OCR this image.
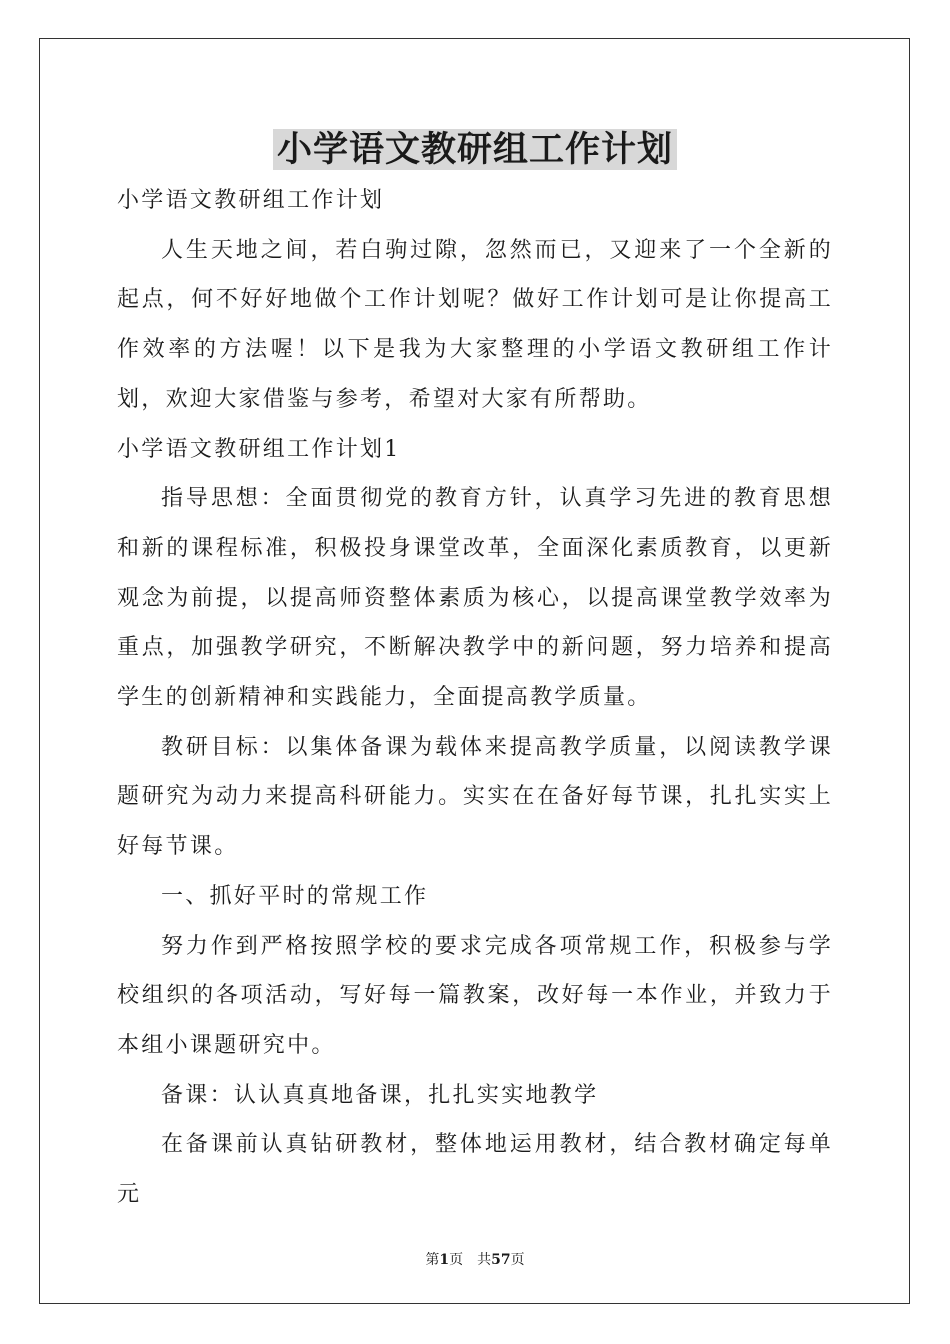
小学语文教研组工作计划

小学语文教研组工作计划

人生天地之间，若白驹过隙，忽然而已，又迎来了一个全新的起点，何不好好地做个工作计划呢？做好工作计划可是让你提高工作效率的方法喔！以下是我为大家整理的小学语文教研组工作计划，欢迎大家借鉴与参考，希望对大家有所帮助。

小学语文教研组工作计划1

指导思想：全面贯彻党的教育方针，认真学习先进的教育思想和新的课程标准，积极投身课堂改革，全面深化素质教育，以更新观念为前提，以提高师资整体素质为核心，以提高课堂教学效率为重点，加强教学研究，不断解决教学中的新问题，努力培养和提高学生的创新精神和实践能力，全面提高教学质量。

教研目标：以集体备课为载体来提高教学质量，以阅读教学课题研究为动力来提高科研能力。实实在在备好每节课，扎扎实实上好每节课。

一、抓好平时的常规工作

努力作到严格按照学校的要求完成各项常规工作，积极参与学校组织的各项活动，写好每一篇教案，改好每一本作业，并致力于本组小课题研究中。

备课：认认真真地备课，扎扎实实地教学

在备课前认真钻研教材，整体地运用教材，结合教材确定每单元

第1页 共57页
